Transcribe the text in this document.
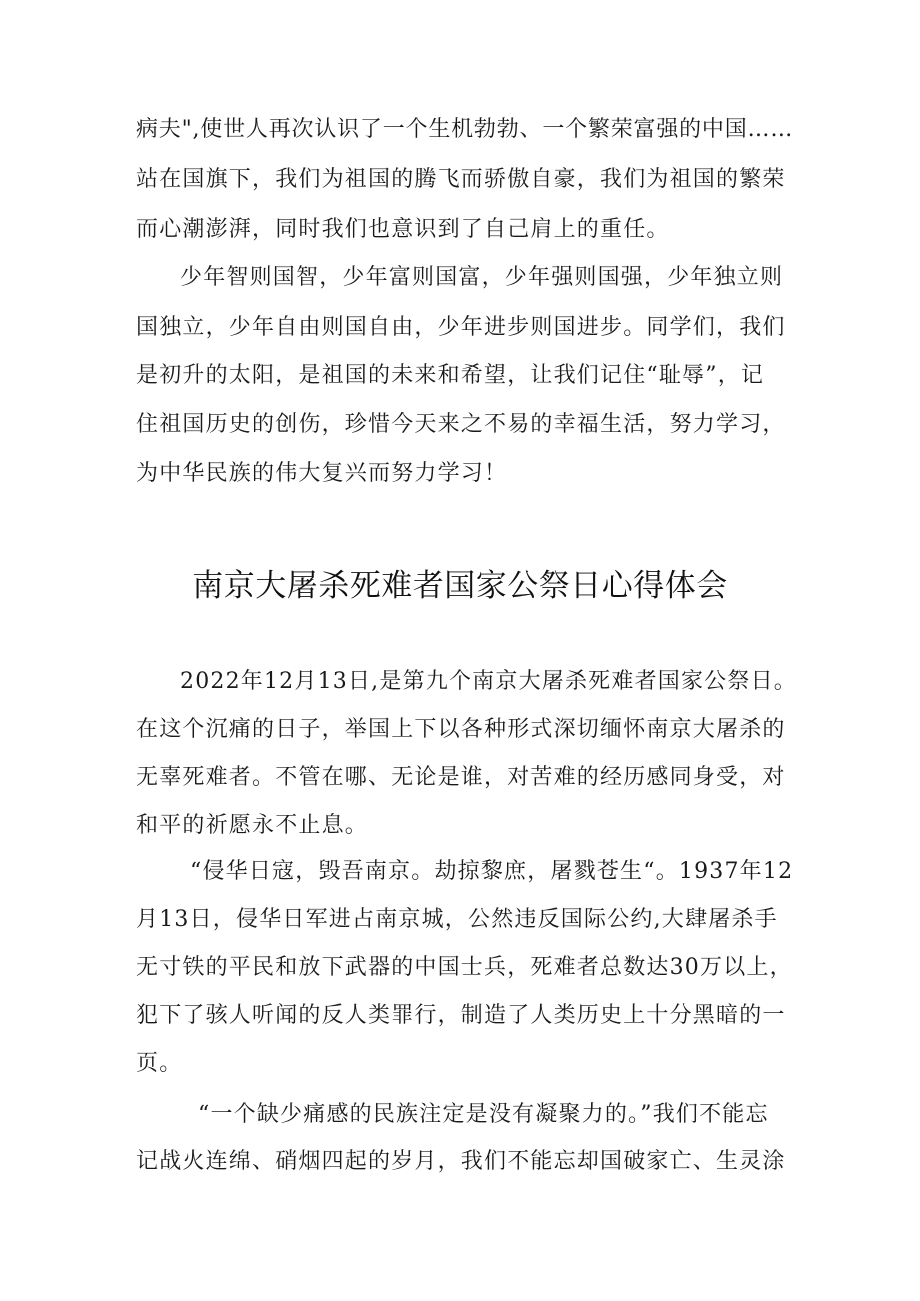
病夫",使世人再次认识了一个生机勃勃、一个繁荣富强的中国……
站在国旗下，我们为祖国的腾飞而骄傲自豪，我们为祖国的繁荣
而心潮澎湃，同时我们也意识到了自己肩上的重任。
少年智则国智，少年富则国富，少年强则国强，少年独立则
国独立，少年自由则国自由，少年进步则国进步。同学们，我们
是初升的太阳，是祖国的未来和希望，让我们记住“耻辱”，记
住祖国历史的创伤，珍惜今天来之不易的幸福生活，努力学习，
为中华民族的伟大复兴而努力学习！
南京大屠杀死难者国家公祭日心得体会
2022年12月13日,是第九个南京大屠杀死难者国家公祭日。
在这个沉痛的日子，举国上下以各种形式深切缅怀南京大屠杀的
无辜死难者。不管在哪、无论是谁，对苦难的经历感同身受，对
和平的祈愿永不止息。
“侵华日寇，毁吾南京。劫掠黎庶，屠戮苍生“。1937年12
月13日，侵华日军进占南京城，公然违反国际公约,大肆屠杀手
无寸铁的平民和放下武器的中国士兵，死难者总数达30万以上，
犯下了骇人听闻的反人类罪行，制造了人类历史上十分黑暗的一
页。
“一个缺少痛感的民族注定是没有凝聚力的。”我们不能忘
记战火连绵、硝烟四起的岁月，我们不能忘却国破家亡、生灵涂
